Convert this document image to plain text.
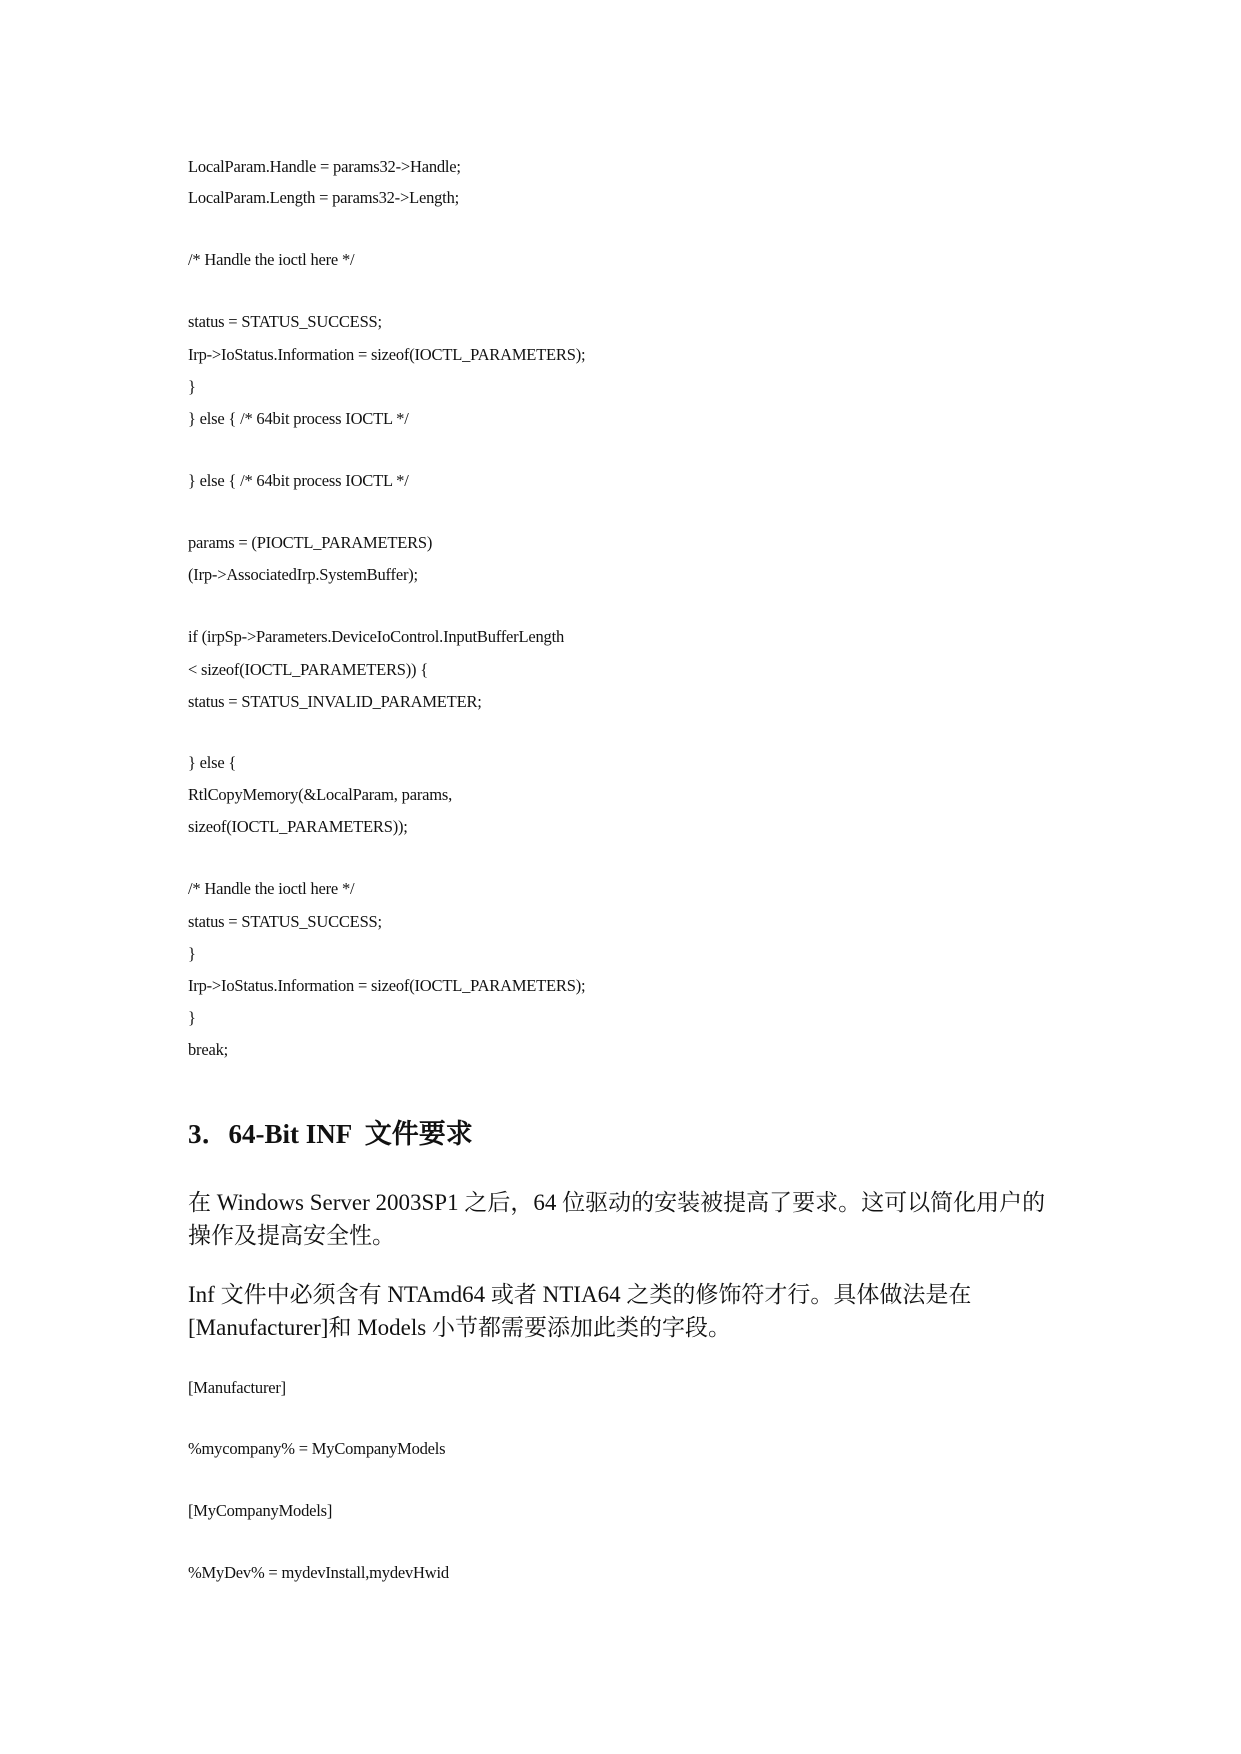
LocalParam.Handle = params32->Handle;
LocalParam.Length = params32->Length;
/* Handle the ioctl here */
status = STATUS_SUCCESS;
Irp->IoStatus.Information = sizeof(IOCTL_PARAMETERS);
}
} else { /* 64bit process IOCTL */
} else { /* 64bit process IOCTL */
params = (PIOCTL_PARAMETERS)
(Irp->AssociatedIrp.SystemBuffer);
if (irpSp->Parameters.DeviceIoControl.InputBufferLength
< sizeof(IOCTL_PARAMETERS)) {
status = STATUS_INVALID_PARAMETER;
} else {
RtlCopyMemory(&LocalParam, params,
sizeof(IOCTL_PARAMETERS));
/* Handle the ioctl here */
status = STATUS_SUCCESS;
}
Irp->IoStatus.Information = sizeof(IOCTL_PARAMETERS);
}
break;
3．64-Bit INF  文件要求
在 Windows Server 2003SP1 之后，64 位驱动的安装被提高了要求。这可以简化用户的操作及提高安全性。
Inf 文件中必须含有 NTAmd64 或者 NTIA64 之类的修饰符才行。具体做法是在[Manufacturer]和 Models 小节都需要添加此类的字段。
[Manufacturer]
%mycompany% = MyCompanyModels
[MyCompanyModels]
%MyDev% = mydevInstall,mydevHwid
